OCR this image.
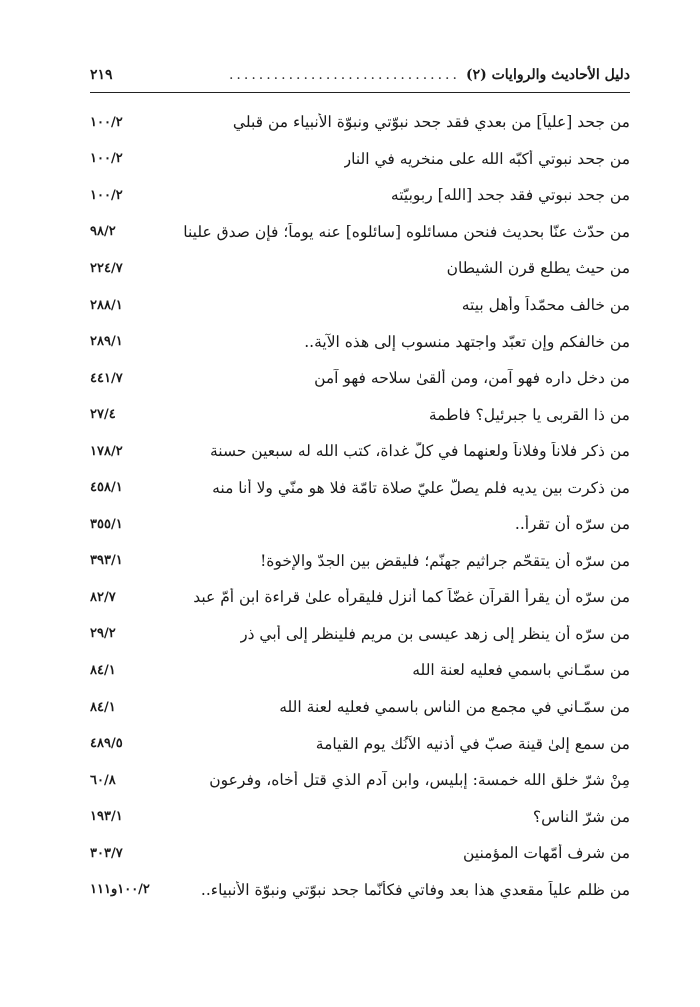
دليل الأحاديث والروايات (٢)
...............................
٢١٩
من جحد [علياً] من بعدي فقد جحد نبوّتي ونبوّة الأنبياء من قبلي
١٠٠/٢
من جحد نبوتي أكبّه الله على منخريه في النار
١٠٠/٢
من جحد نبوتي فقد جحد [الله] ربوبيّته
١٠٠/٢
من حدّث عنّا بحديث فنحن مسائلوه [سائلوه] عنه يوماً؛ فإن صدق علينا
٩٨/٢
من حيث يطلع قرن الشيطان
٢٢٤/٧
من خالف محمّداً وأهل بيته
٢٨٨/١
من خالفكم وإن تعبّد واجتهد منسوب إلى هذه الآية..
٢٨٩/١
من دخل داره فهو آمن، ومن ألقىٰ سلاحه فهو آمن
٤٤١/٧
من ذا القربى يا جبرئيل؟ فاطمة
٢٧/٤
من ذكر فلاناً وفلاناً ولعنهما في كلّ غداة، كتب الله له سبعين حسنة
١٧٨/٢
من ذكرت بين يديه فلم يصلّ عليّ صلاة تامّة فلا هو منّي ولا أنا منه
٤٥٨/١
من سرّه أن تقرأ..
٣٥٥/١
من سرّه أن يتقحّم جراثيم جهنّم؛ فليقض بين الجدّ والإخوة!
٣٩٣/١
من سرّه أن يقرأ القرآن غضّاً كما أنزل فليقرأه علىٰ قراءة ابن أُمّ عبد
٨٢/٧
من سرّه أن ينظر إلى زهد عيسى بن مريم فلينظر إلى أبي ذر
٢٩/٢
من سمّـاني باسمي فعليه لعنة الله
٨٤/١
من سمّـاني في مجمع من الناس باسمي فعليه لعنة الله
٨٤/١
من سمع إلىٰ قينة صبّ في أُذنيه الآنُك يوم القيامة
٤٨٩/٥
مِنْ شرّ خلق الله خمسة: إبليس، وابن آدم الذي قتل أخاه، وفرعون
٦٠/٨
من شرّ الناس؟
١٩٣/١
من شرف أُمّهات المؤمنين
٣٠٣/٧
من ظلم علياً مقعدي هذا بعد وفاتي فكأنّما جحد نبوّتي ونبوّة الأنبياء..
١٠٠/٢و١١١
